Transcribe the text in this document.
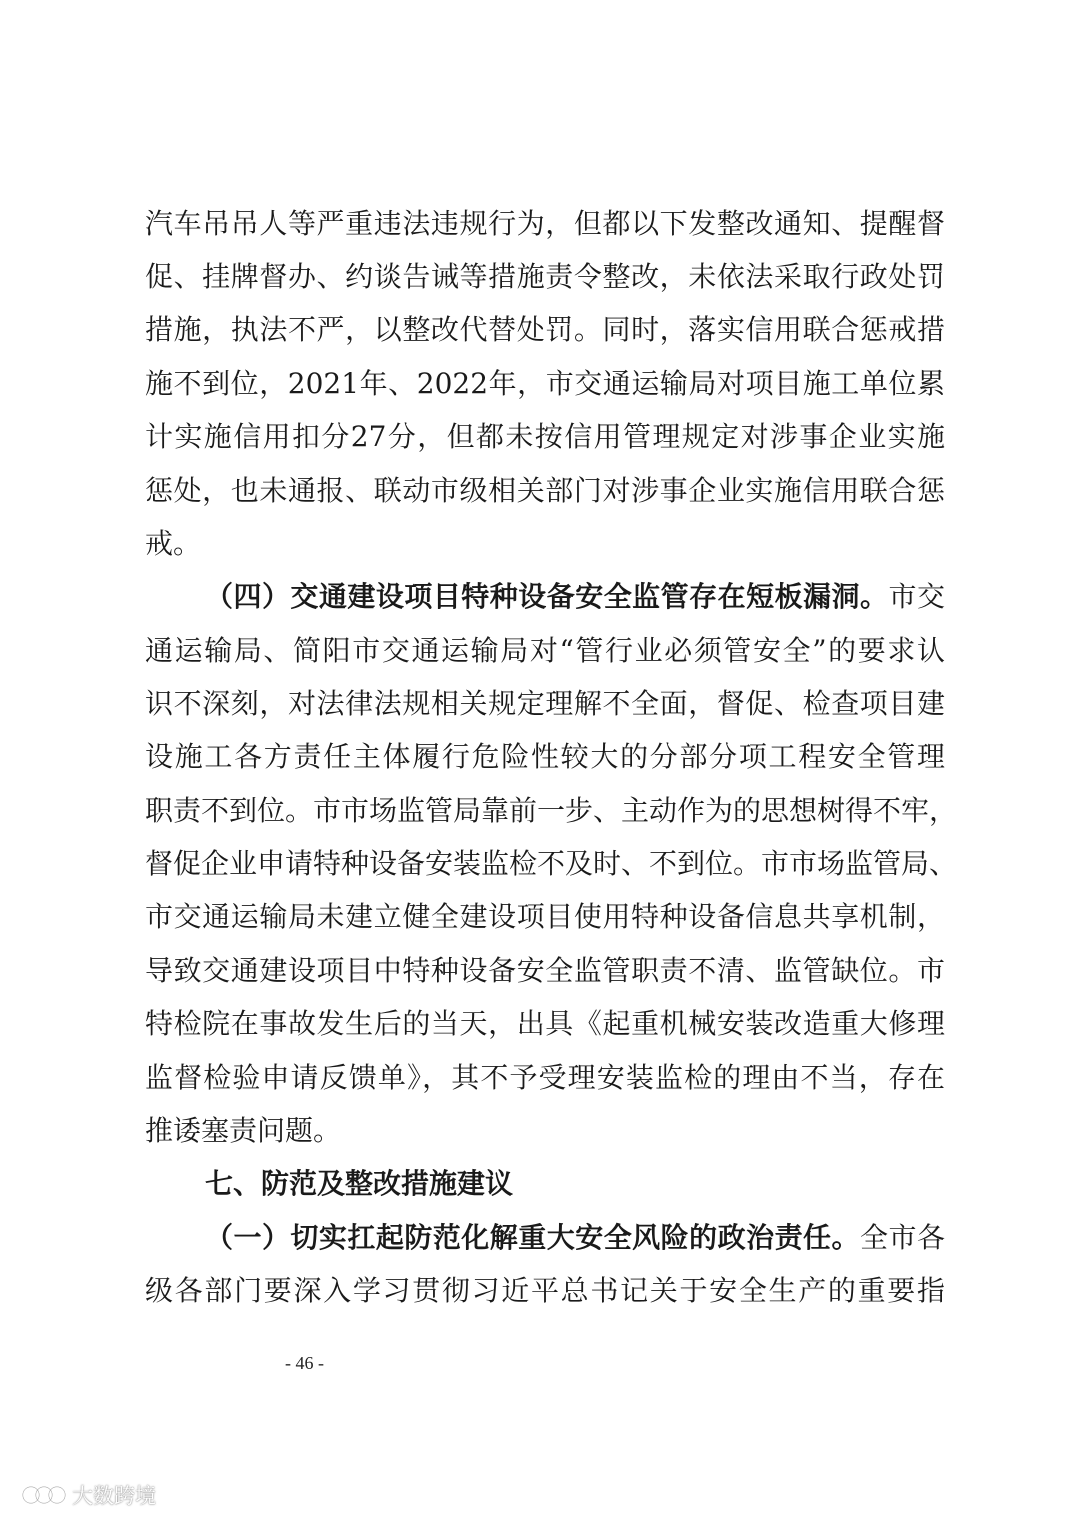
汽车吊吊人等严重违法违规行为，但都以下发整改通知、提醒督
促、挂牌督办、约谈告诫等措施责令整改，未依法采取行政处罚
措施，执法不严，以整改代替处罚。同时，落实信用联合惩戒措
施不到位，2021年、2022年，市交通运输局对项目施工单位累
计实施信用扣分27分，但都未按信用管理规定对涉事企业实施
惩处，也未通报、联动市级相关部门对涉事企业实施信用联合惩
戒。
（四）交通建设项目特种设备安全监管存在短板漏洞。市交
通运输局、简阳市交通运输局对“管行业必须管安全”的要求认
识不深刻，对法律法规相关规定理解不全面，督促、检查项目建
设施工各方责任主体履行危险性较大的分部分项工程安全管理
职责不到位。市市场监管局靠前一步、主动作为的思想树得不牢，
督促企业申请特种设备安装监检不及时、不到位。市市场监管局、
市交通运输局未建立健全建设项目使用特种设备信息共享机制，
导致交通建设项目中特种设备安全监管职责不清、监管缺位。市
特检院在事故发生后的当天，出具《起重机械安装改造重大修理
监督检验申请反馈单》，其不予受理安装监检的理由不当，存在
推诿塞责问题。
七、防范及整改措施建议
（一）切实扛起防范化解重大安全风险的政治责任。全市各
级各部门要深入学习贯彻习近平总书记关于安全生产的重要指
- 46 -
大数跨境
